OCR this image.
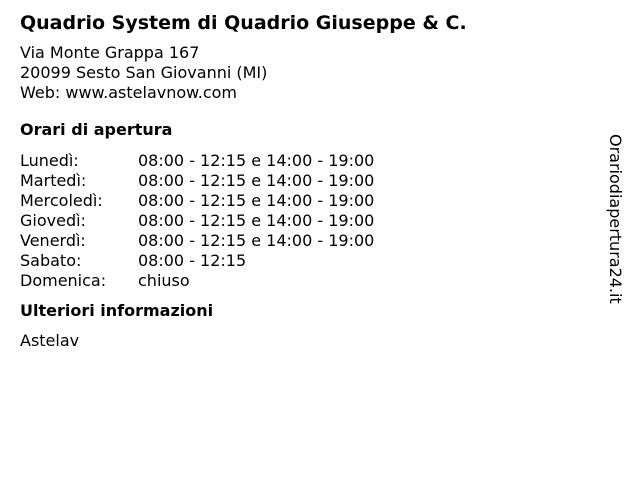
Quadrio System di Quadrio Giuseppe & C.
Via Monte Grappa 167
20099 Sesto San Giovanni (MI)
Web: www.astelavnow.com
Orari di apertura
Lunedì:	08:00 - 12:15 e 14:00 - 19:00
Martedì:	08:00 - 12:15 e 14:00 - 19:00
Mercoledì: 08:00 - 12:15 e 14:00 - 19:00
Giovedì:	08:00 - 12:15 e 14:00 - 19:00
Venerdì:	08:00 - 12:15 e 14:00 - 19:00
Sabato:	08:00 - 12:15
Domenica: chiuso
Ulteriori informazioni
Astelav
Orariodiapertura24.it
